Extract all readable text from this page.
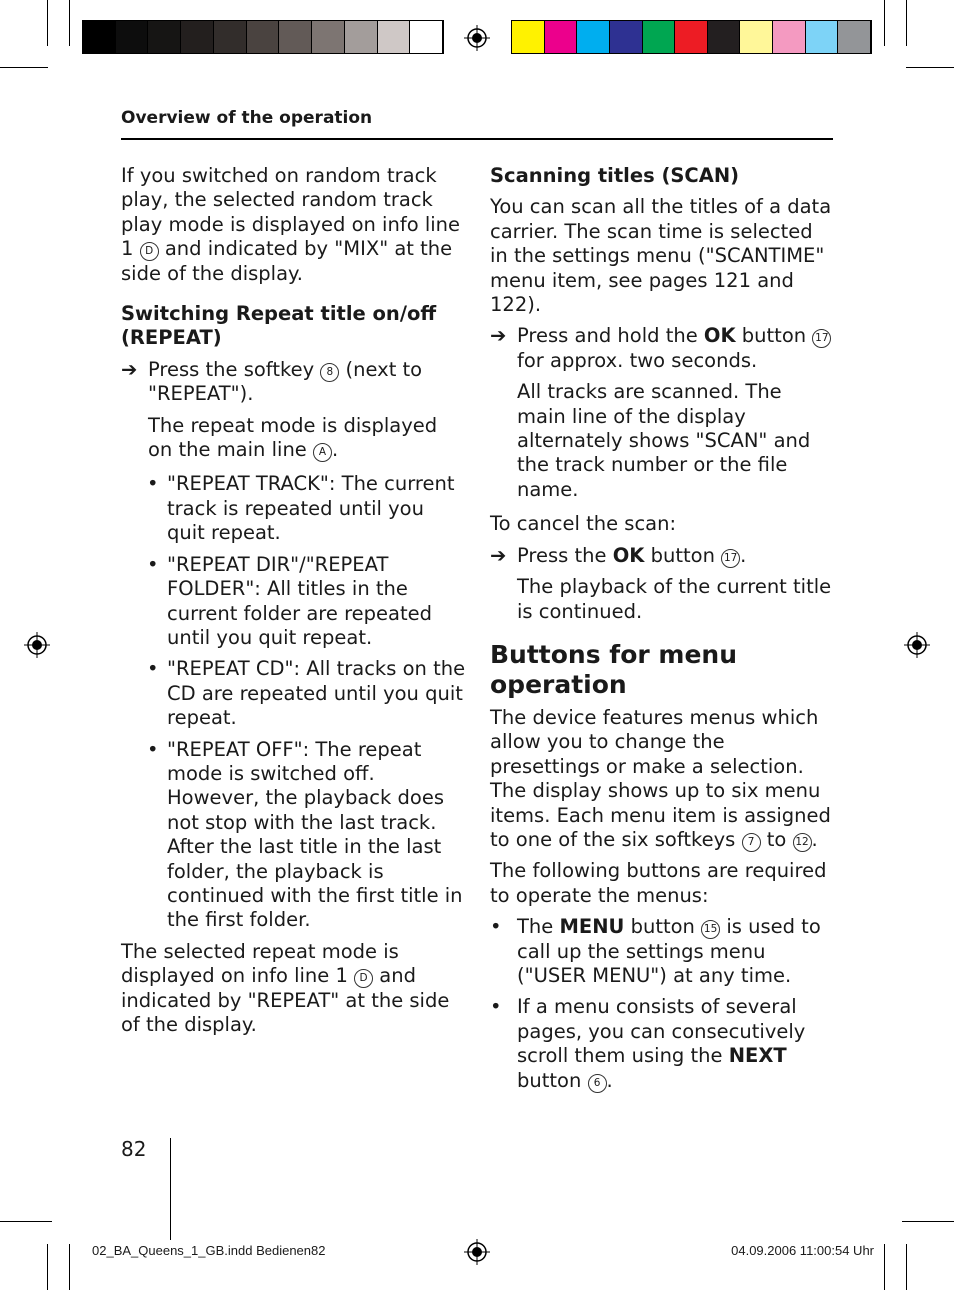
Overview of the operation

If you switched on random track play, the selected random track play mode is displayed on info line 1 D and indicated by "MIX" at the side of the display.

Switching Repeat title on/off (REPEAT)

➔ Press the softkey 8 (next to "REPEAT").

The repeat mode is displayed on the main line A .

• "REPEAT TRACK": The current track is repeated until you quit repeat.

• "REPEAT DIR"/"REPEAT FOLDER": All titles in the current folder are repeated until you quit repeat.

• "REPEAT CD": All tracks on the CD are repeated until you quit repeat.

• "REPEAT OFF": The repeat mode is switched off. However, the playback does not stop with the last track. After the last title in the last folder, the playback is continued with the first title in the first folder.

The selected repeat mode is displayed on info line 1 D and indicated by "REPEAT" at the side of the display.

Scanning titles (SCAN)

You can scan all the titles of a data carrier. The scan time is selected in the settings menu ("SCANTIME" menu item, see pages 121 and 122).

➔ Press and hold the OK button 17 for approx. two seconds.

All tracks are scanned. The main line of the display alternately shows "SCAN" and the track number or the file name.

To cancel the scan:

➔ Press the OK button 17 .

The playback of the current title is continued.

Buttons for menu operation

The device features menus which allow you to change the presettings or make a selection. The display shows up to six menu items. Each menu item is assigned to one of the six softkeys 7 to 12 .

The following buttons are required to operate the menus:

• The MENU button 15 is used to call up the settings menu ("USER MENU") at any time.

• If a menu consists of several pages, you can consecutively scroll them using the NEXT button 6 .

82
02_BA_Queens_1_GB.indd Bedienen82	04.09.2006 11:00:54 Uhr
